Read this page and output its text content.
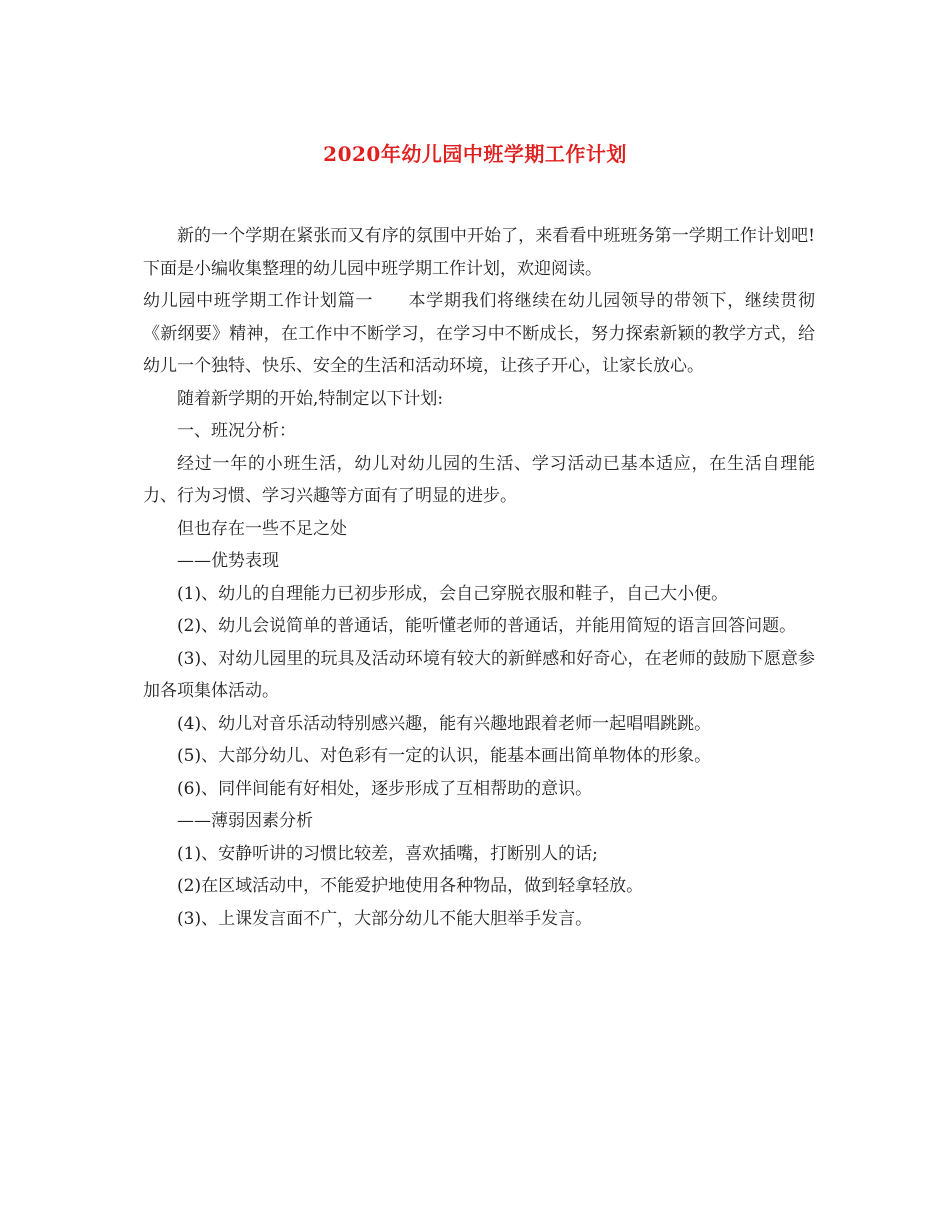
2020年幼儿园中班学期工作计划

新的一个学期在紧张而又有序的氛围中开始了，来看看中班班务第一学期工作计划吧!下面是小编收集整理的幼儿园中班学期工作计划，欢迎阅读。

幼儿园中班学期工作计划篇一　　本学期我们将继续在幼儿园领导的带领下，继续贯彻《新纲要》精神，在工作中不断学习，在学习中不断成长，努力探索新颖的教学方式，给幼儿一个独特、快乐、安全的生活和活动环境，让孩子开心，让家长放心。

随着新学期的开始,特制定以下计划:

一、班况分析：

经过一年的小班生活，幼儿对幼儿园的生活、学习活动已基本适应，在生活自理能力、行为习惯、学习兴趣等方面有了明显的进步。

但也存在一些不足之处

——优势表现

(1)、幼儿的自理能力已初步形成，会自己穿脱衣服和鞋子，自己大小便。

(2)、幼儿会说简单的普通话，能听懂老师的普通话，并能用简短的语言回答问题。

(3)、对幼儿园里的玩具及活动环境有较大的新鲜感和好奇心，在老师的鼓励下愿意参加各项集体活动。

(4)、幼儿对音乐活动特别感兴趣，能有兴趣地跟着老师一起唱唱跳跳。

(5)、大部分幼儿、对色彩有一定的认识，能基本画出简单物体的形象。

(6)、同伴间能有好相处，逐步形成了互相帮助的意识。

——薄弱因素分析

(1)、安静听讲的习惯比较差，喜欢插嘴，打断别人的话;

(2)在区域活动中，不能爱护地使用各种物品，做到轻拿轻放。

(3)、上课发言面不广，大部分幼儿不能大胆举手发言。
